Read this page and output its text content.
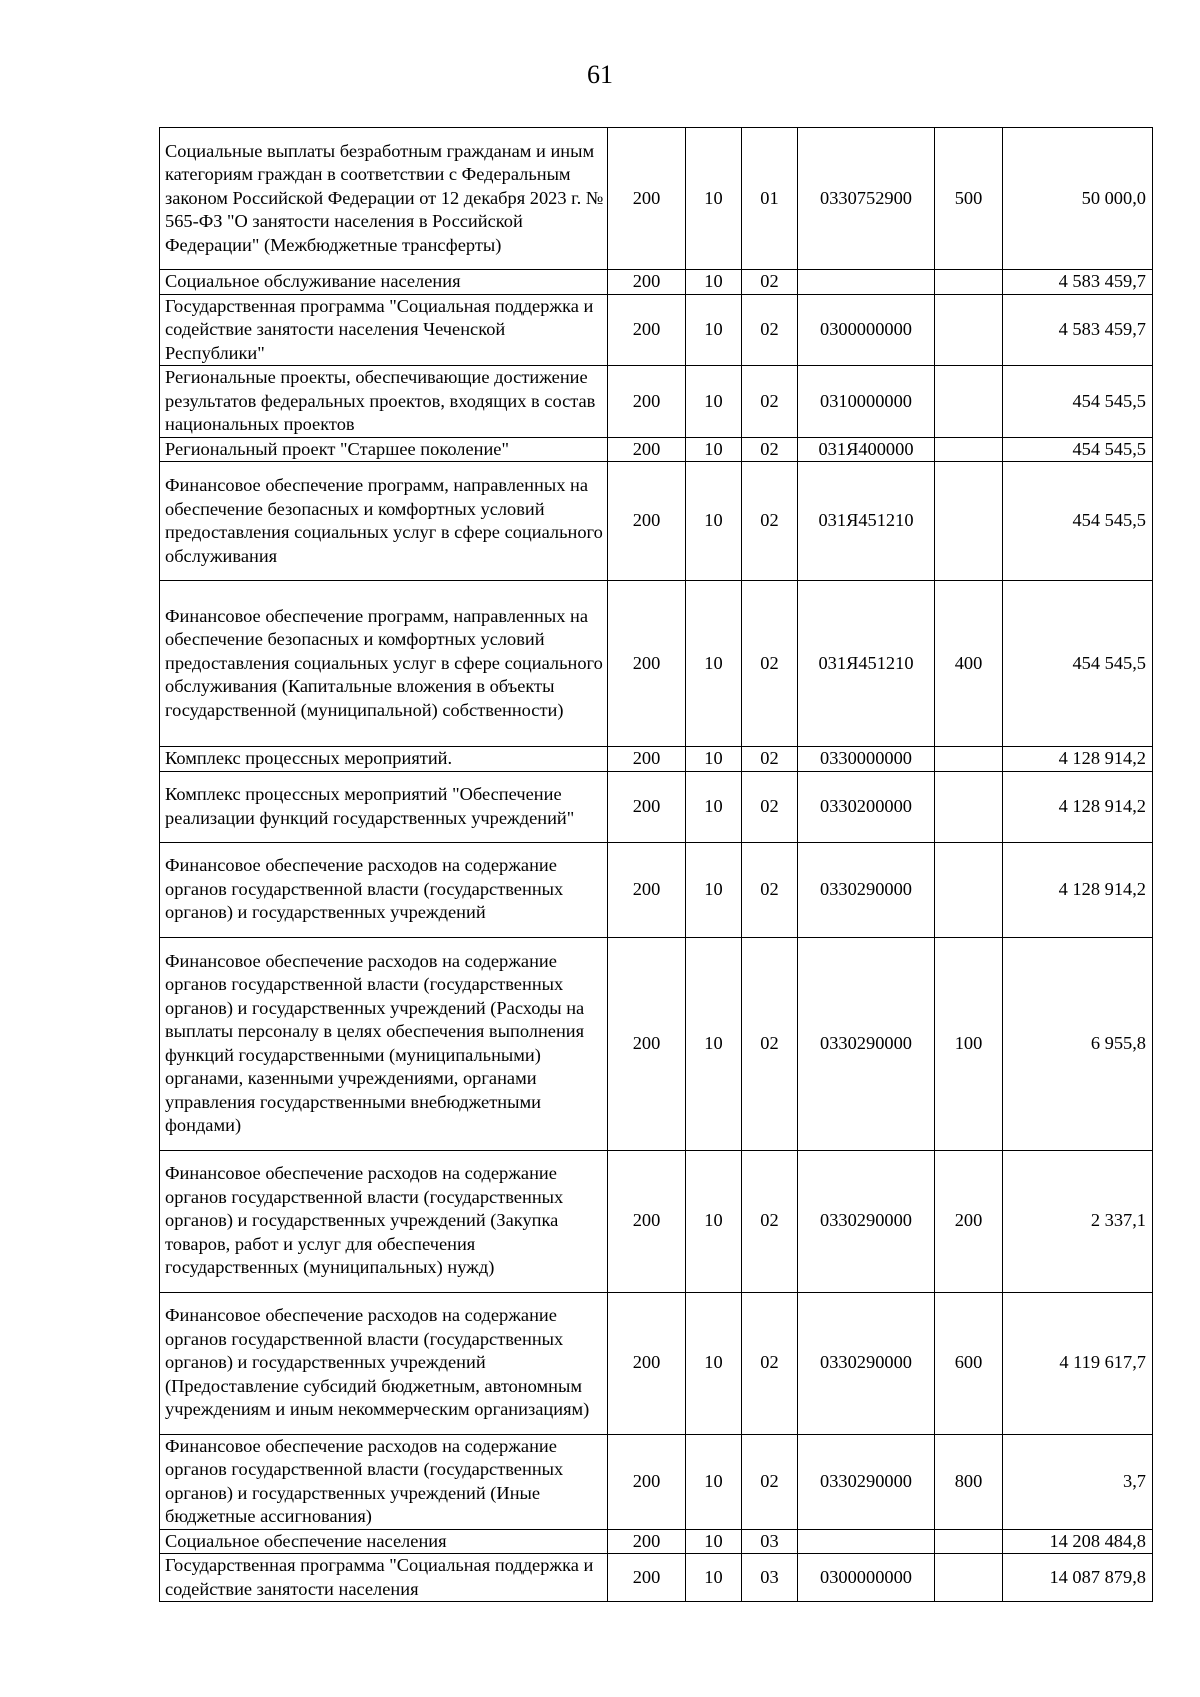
61
Социальные выплаты безработным гражданам и иным категориям граждан в соответствии с Федеральным законом Российской Федерации от 12 декабря 2023 г. № 565-ФЗ "О занятости населения в Российской Федерации" (Межбюджетные трансферты)	200	10	01	0330752900	500	50 000,0
Социальное обслуживание населения	200	10	02			4 583 459,7
Государственная программа "Социальная поддержка и содействие занятости населения Чеченской Республики"	200	10	02	0300000000		4 583 459,7
Региональные проекты, обеспечивающие достижение результатов федеральных проектов, входящих в состав национальных проектов	200	10	02	0310000000		454 545,5
Региональный проект "Старшее поколение"	200	10	02	031Я400000		454 545,5
Финансовое обеспечение программ, направленных на обеспечение безопасных и комфортных условий предоставления социальных услуг в сфере социального обслуживания	200	10	02	031Я451210		454 545,5
Финансовое обеспечение программ, направленных на обеспечение безопасных и комфортных условий предоставления социальных услуг в сфере социального обслуживания (Капитальные вложения в объекты государственной (муниципальной) собственности)	200	10	02	031Я451210	400	454 545,5
Комплекс процессных мероприятий.	200	10	02	0330000000		4 128 914,2
Комплекс процессных мероприятий "Обеспечение реализации функций государственных учреждений"	200	10	02	0330200000		4 128 914,2
Финансовое обеспечение расходов на содержание органов государственной власти (государственных органов) и государственных учреждений	200	10	02	0330290000		4 128 914,2
Финансовое обеспечение расходов на содержание органов государственной власти (государственных органов) и государственных учреждений (Расходы на выплаты персоналу в целях обеспечения выполнения функций государственными (муниципальными) органами, казенными учреждениями, органами управления государственными внебюджетными фондами)	200	10	02	0330290000	100	6 955,8
Финансовое обеспечение расходов на содержание органов государственной власти (государственных органов) и государственных учреждений (Закупка товаров, работ и услуг для обеспечения государственных (муниципальных) нужд)	200	10	02	0330290000	200	2 337,1
Финансовое обеспечение расходов на содержание органов государственной власти (государственных органов) и государственных учреждений (Предоставление субсидий бюджетным, автономным учреждениям и иным некоммерческим организациям)	200	10	02	0330290000	600	4 119 617,7
Финансовое обеспечение расходов на содержание органов государственной власти (государственных органов) и государственных учреждений (Иные бюджетные ассигнования)	200	10	02	0330290000	800	3,7
Социальное обеспечение населения	200	10	03			14 208 484,8
Государственная программа "Социальная поддержка и содействие занятости населения	200	10	03	0300000000		14 087 879,8
